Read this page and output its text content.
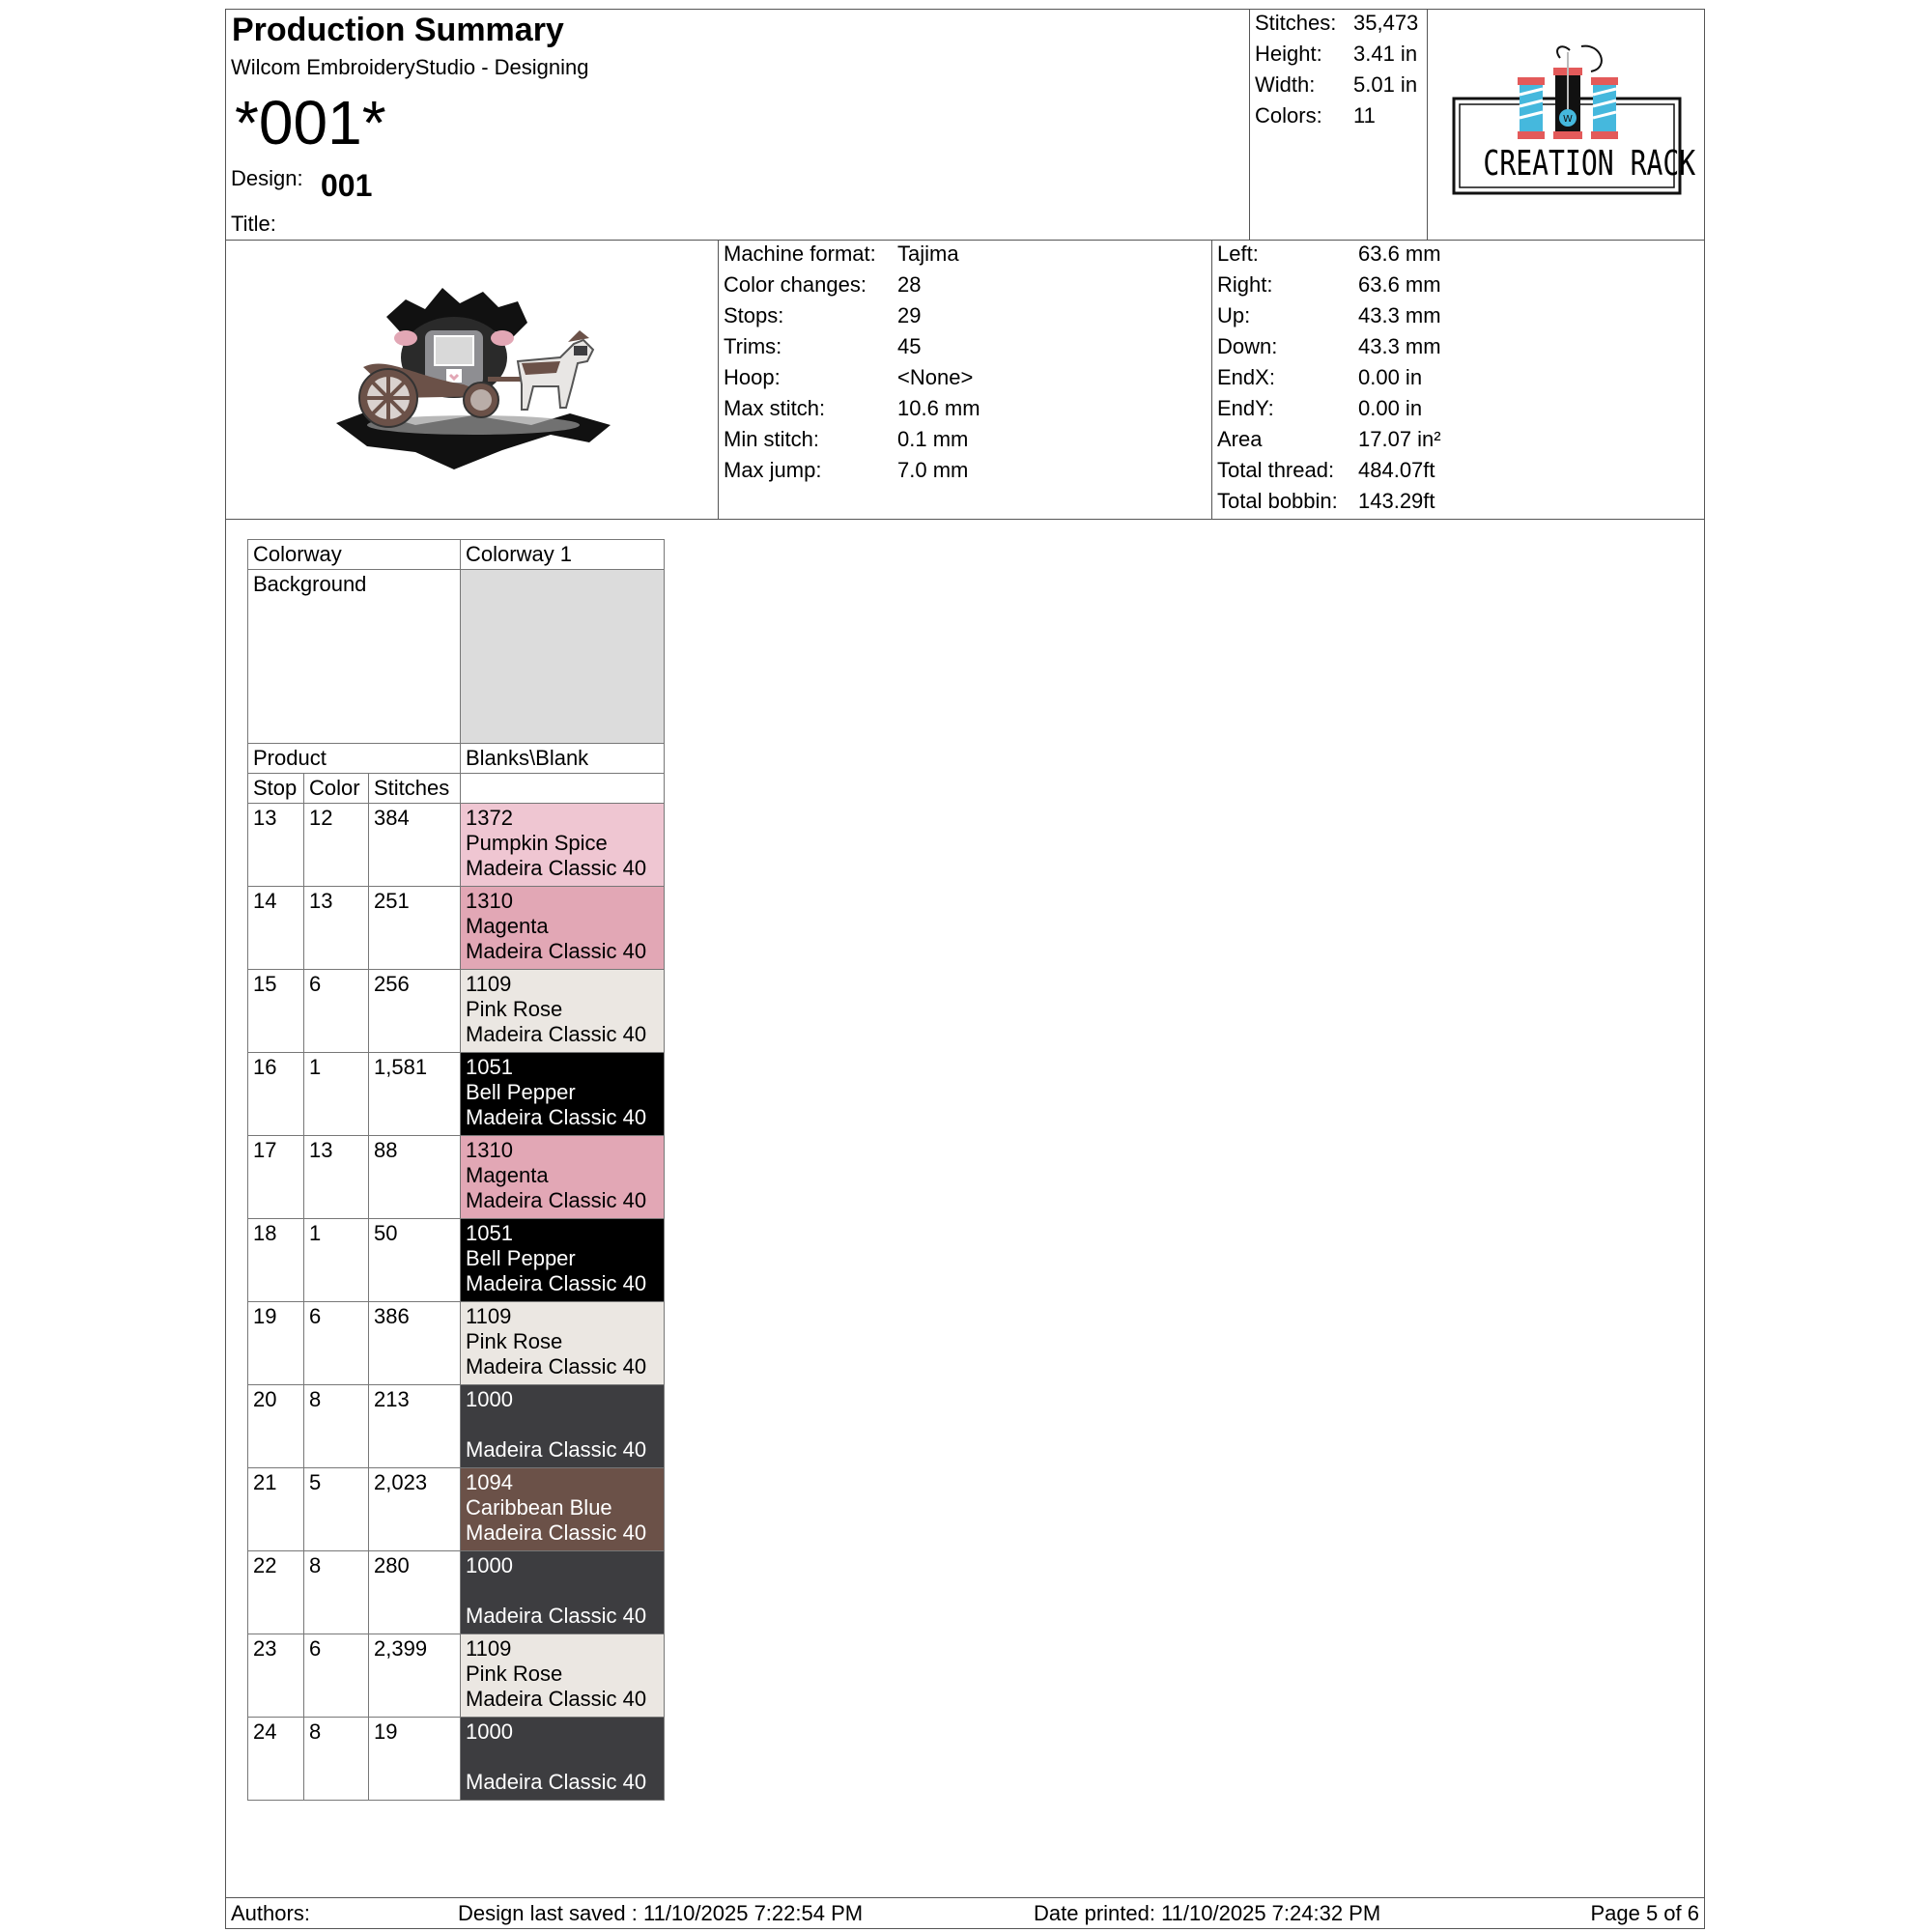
Production Summary
Wilcom EmbroideryStudio - Designing
*001*
Design: 001
Title:
Stitches: 35,473
Height: 3.41 in
Width: 5.01 in
Colors: 11	W
CREATION RACK
Machine format: Tajima
Color changes: 28
Stops:	29
Trims:	45
Hoop:	<None>
Max stitch:	10.6 mm
Min stitch:	0.1 mm
Max jump:	7.0 mm
Left:	63.6 mm
Right:	63.6 mm
Up:	43.3 mm
Down:	43.3 mm
EndX:	0.00 in
EndY:	0.00 in
Area	17.07 in²
Total thread: 484.07ft
Total bobbin: 143.29ft
Colorway			Colorway 1
Background			
Product			Blanks\Blank
Stop	Color	Stitches	
13	12	384	1372
Pumpkin Spice
Madeira Classic 40

14	13	251	1310
Magenta
Madeira Classic 40

15	6	256	1109
Pink Rose
Madeira Classic 40

16	1	1,581	1051
Bell Pepper
Madeira Classic 40

17	13	88	1310
Magenta
Madeira Classic 40

18	1	50	1051
Bell Pepper
Madeira Classic 40

19	6	386	1109
Pink Rose
Madeira Classic 40

20	8	213	1000
Madeira Classic 40

21	5	2,023	1094
Caribbean Blue
Madeira Classic 40

22	8	280	1000
Madeira Classic 40

23	6	2,399	1109
Pink Rose
Madeira Classic 40

24	8	19	1000
Madeira Classic 40
Authors:	Design last saved : 11/10/2025 7:22:54 PM	Date printed: 11/10/2025 7:24:32 PM	Page 5 of 6
